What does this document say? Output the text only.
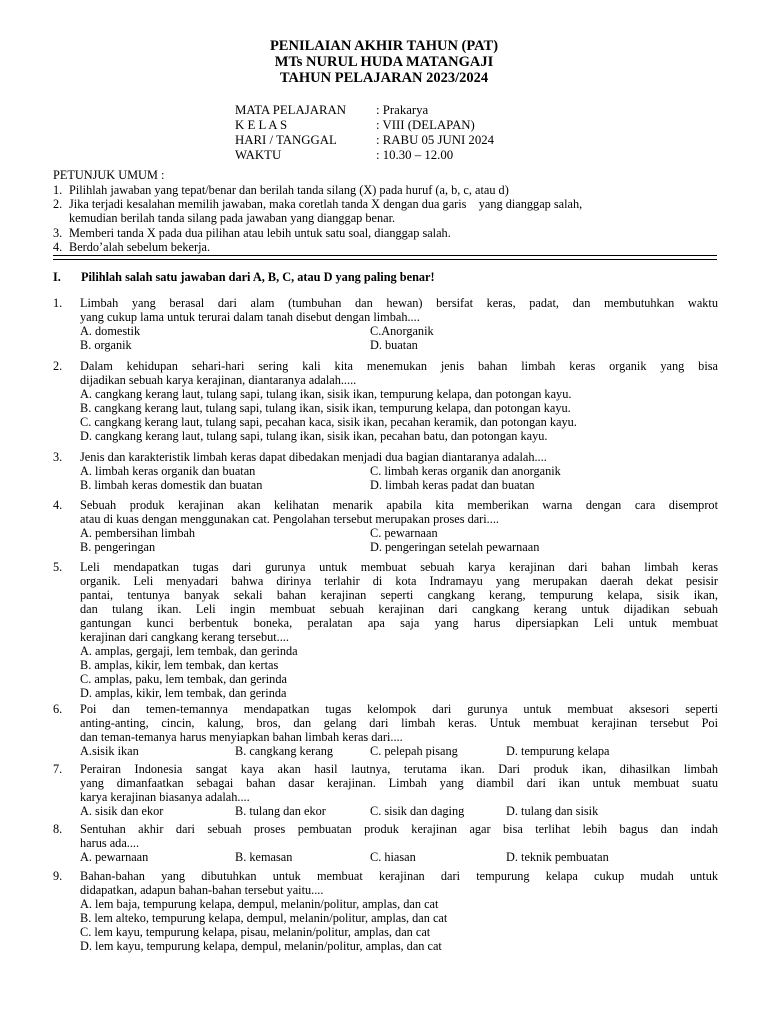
PENILAIAN AKHIR TAHUN (PAT)
MTs NURUL HUDA MATANGAJI
TAHUN PELAJARAN 2023/2024
MATA PELAJARAN	: Prakarya
K E L A S	: VIII (DELAPAN)
HARI / TANGGAL	: RABU 05 JUNI 2024
WAKTU	: 10.30 – 12.00
PETUNJUK UMUM :
1. Pilihlah jawaban yang tepat/benar dan berilah tanda silang (X) pada huruf (a, b, c, atau d)
2. Jika terjadi kesalahan memilih jawaban, maka coretlah tanda X dengan dua garis    yang dianggap salah,
kemudian berilah tanda silang pada jawaban yang dianggap benar.
3. Memberi tanda X pada dua pilihan atau lebih untuk satu soal, dianggap salah.
4. Berdo’alah sebelum bekerja.
I. Pilihlah salah satu jawaban dari A, B, C, atau D yang paling benar!
1.	Limbah yang berasal dari alam (tumbuhan dan hewan) bersifat keras, padat, dan membutuhkan waktu
yang cukup lama untuk terurai dalam tanah disebut dengan limbah....
A. domestik	C.Anorganik
B. organik	D. buatan
2.	Dalam kehidupan sehari-hari sering kali kita menemukan jenis bahan limbah keras organik yang bisa
dijadikan sebuah karya kerajinan, diantaranya adalah.....
A. cangkang kerang laut, tulang sapi, tulang ikan, sisik ikan, tempurung kelapa, dan potongan kayu.
B. cangkang kerang laut, tulang sapi, tulang ikan, sisik ikan, tempurung kelapa, dan potongan kayu.
C. cangkang kerang laut, tulang sapi, pecahan kaca, sisik ikan, pecahan keramik, dan potongan kayu.
D. cangkang kerang laut, tulang sapi, tulang ikan, sisik ikan, pecahan batu, dan potongan kayu.
3.	Jenis dan karakteristik limbah keras dapat dibedakan menjadi dua bagian diantaranya adalah....
A. limbah keras organik dan buatan	C. limbah keras organik dan anorganik
B. limbah keras domestik dan buatan	D. limbah keras padat dan buatan
4.	Sebuah produk kerajinan akan kelihatan menarik apabila kita memberikan warna dengan cara disemprot
atau di kuas dengan menggunakan cat. Pengolahan tersebut merupakan proses dari....
A. pembersihan limbah	C. pewarnaan
B. pengeringan	D. pengeringan setelah pewarnaan
5.	Leli mendapatkan tugas dari gurunya untuk membuat sebuah karya kerajinan dari bahan limbah keras
organik. Leli menyadari bahwa dirinya terlahir di kota Indramayu yang merupakan daerah dekat pesisir
pantai, tentunya banyak sekali bahan kerajinan seperti cangkang kerang, tempurung kelapa, sisik ikan,
dan tulang ikan. Leli ingin membuat sebuah kerajinan dari cangkang kerang untuk dijadikan sebuah
gantungan kunci berbentuk boneka, peralatan apa saja yang harus dipersiapkan Leli untuk membuat
kerajinan dari cangkang kerang tersebut....
A. amplas, gergaji, lem tembak, dan gerinda
B. amplas, kikir, lem tembak, dan kertas
C. amplas, paku, lem tembak, dan gerinda
D. amplas, kikir, lem tembak, dan gerinda
6.	Poi dan temen-temannya mendapatkan tugas kelompok dari gurunya untuk membuat aksesori seperti
anting-anting, cincin, kalung, bros, dan gelang dari limbah keras. Untuk membuat kerajinan tersebut Poi
dan teman-temanya harus menyiapkan bahan limbah keras dari....
A.sisik ikan	B. cangkang kerang	C. pelepah pisang	D. tempurung kelapa
7.	Perairan Indonesia sangat kaya akan hasil lautnya, terutama ikan. Dari produk ikan, dihasilkan limbah
yang dimanfaatkan sebagai bahan dasar kerajinan. Limbah yang diambil dari ikan untuk membuat suatu
karya kerajinan biasanya adalah....
A. sisik dan ekor	B. tulang dan ekor	C. sisik dan daging	D. tulang dan sisik
8.	Sentuhan akhir dari sebuah proses pembuatan produk kerajinan agar bisa terlihat lebih bagus dan indah
harus ada....
A. pewarnaan	B. kemasan	C. hiasan	D. teknik pembuatan
9.	Bahan-bahan yang dibutuhkan untuk membuat kerajinan dari tempurung kelapa cukup mudah untuk
didapatkan, adapun bahan-bahan tersebut yaitu....
A. lem baja, tempurung kelapa, dempul, melanin/politur, amplas, dan cat
B. lem alteko, tempurung kelapa, dempul, melanin/politur, amplas, dan cat
C. lem kayu, tempurung kelapa, pisau, melanin/politur, amplas, dan cat
D. lem kayu, tempurung kelapa, dempul, melanin/politur, amplas, dan cat
